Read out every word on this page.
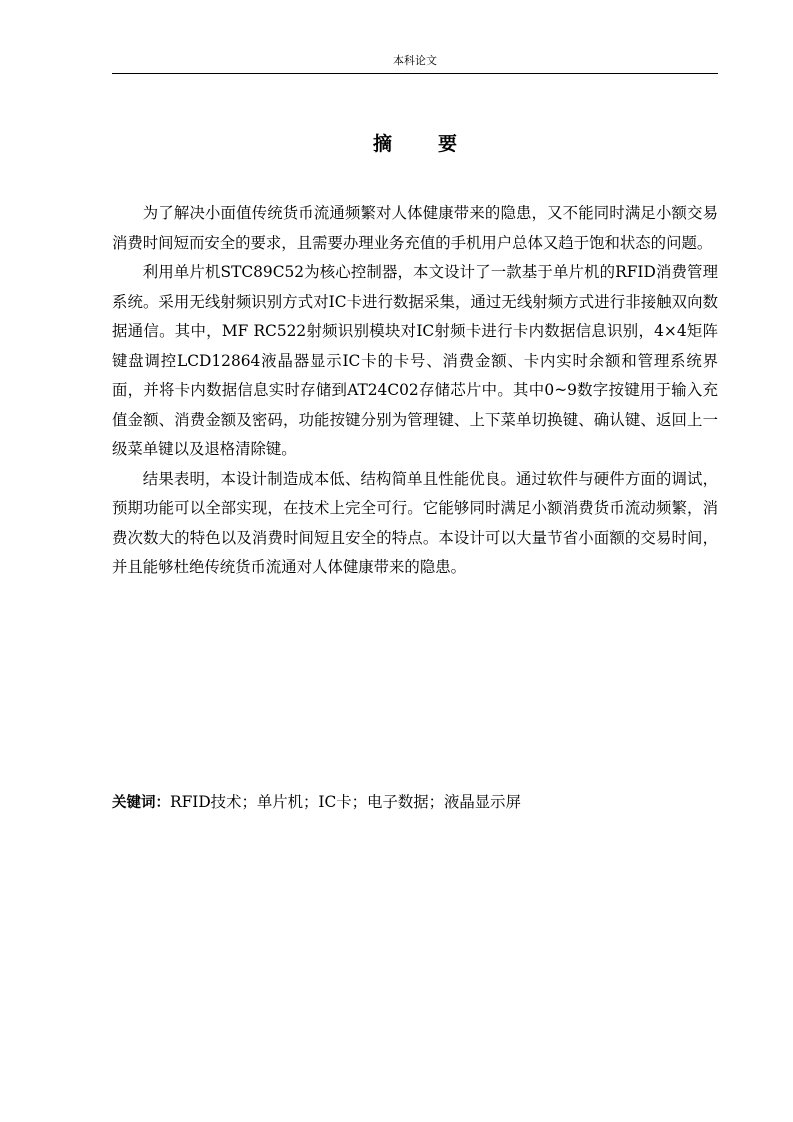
本科论文
摘 要

为了解决小面值传统货币流通频繁对人体健康带来的隐患，又不能同时满足小额交易消费时间短而安全的要求，且需要办理业务充值的手机用户总体又趋于饱和状态的问题。

利用单片机STC89C52为核心控制器，本文设计了一款基于单片机的RFID消费管理系统。采用无线射频识别方式对IC卡进行数据采集，通过无线射频方式进行非接触双向数据通信。其中，MF RC522射频识别模块对IC射频卡进行卡内数据信息识别，4×4矩阵键盘调控LCD12864液晶器显示IC卡的卡号、消费金额、卡内实时余额和管理系统界面，并将卡内数据信息实时存储到AT24C02存储芯片中。其中0~9数字按键用于输入充值金额、消费金额及密码，功能按键分别为管理键、上下菜单切换键、确认键、返回上一级菜单键以及退格清除键。

结果表明，本设计制造成本低、结构简单且性能优良。通过软件与硬件方面的调试，预期功能可以全部实现，在技术上完全可行。它能够同时满足小额消费货币流动频繁，消费次数大的特色以及消费时间短且安全的特点。本设计可以大量节省小面额的交易时间，并且能够杜绝传统货币流通对人体健康带来的隐患。

关键词：RFID技术；单片机；IC卡；电子数据；液晶显示屏
